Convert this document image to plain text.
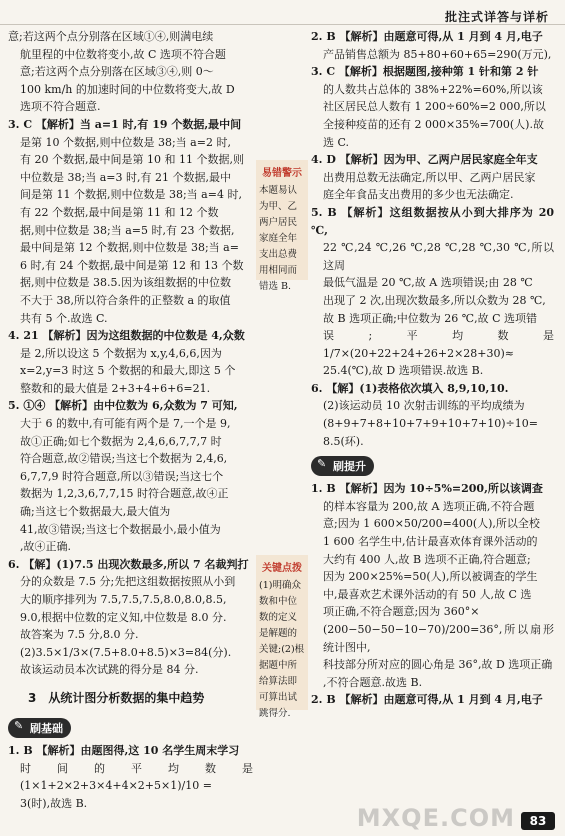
批注式详答与详析

意;若这两个点分别落在区域①④,则满电续

航里程的中位数将变小,故 C 选项不符合题

意;若这两个点分别落在区域③④,则 0～

100 km/h 的加速时间的中位数将变大,故 D

选项不符合题意.

3. C 【解析】当 a=1 时,有 19 个数据,最中间

是第 10 个数据,则中位数是 38;当 a=2 时,

有 20 个数据,最中间是第 10 和 11 个数据,则

中位数是 38;当 a=3 时,有 21 个数据,最中

间是第 11 个数据,则中位数是 38;当 a=4 时,

有 22 个数据,最中间是第 11 和 12 个数

据,则中位数是 38;当 a=5 时,有 23 个数据,

最中间是第 12 个数据,则中位数是 38;当 a=

6 时,有 24 个数据,最中间是第 12 和 13 个数

据,则中位数是 38.5.因为该组数据的中位数

不大于 38,所以符合条件的正整数 a 的取值

共有 5 个.故选 C.

4. 21 【解析】因为这组数据的中位数是 4,众数

是 2,所以设这 5 个数据为 x,y,4,6,6,因为

x=2,y=3 时这 5 个数据的和最大,即这 5 个

整数和的最大值是 2+3+4+6+6=21.

5. ①④ 【解析】由中位数为 6,众数为 7 可知,

大于 6 的数中,有可能有两个是 7,一个是 9,

故①正确;如七个数据为 2,4,6,6,7,7,7 时

符合题意,故②错误;当这七个数据为 2,4,6,

6,7,7,9 时符合题意,所以③错误;当这七个

数据为 1,2,3,6,7,7,15 时符合题意,故④正

确;当这七个数据最大,最大值为

41,故③错误;当这七个数据最小,最小值为

,故④正确.

6. 【解】(1)7.5 出现次数最多,所以 7 名裁判打

分的众数是 7.5 分;先把这组数据按照从小到

大的顺序排列为 7.5,7.5,7.5,8.0,8.0,8.5,

9.0,根据中位数的定义知,中位数是 8.0 分.

故答案为 7.5 分,8.0 分.

(2)3.5×1/3×(7.5+8.0+8.5)×3=84(分).

故该运动员本次试跳的得分是 84 分.

3　从统计图分析数据的集中趋势
✎ 刷基础

1. B 【解析】由题图得,这 10 名学生周末学习

时间的平均数是 (1×1+2×2+3×4+4×2+5×1)/10 =

3(时),故选 B.

易错警示
本题易认为甲、乙两户居民家庭全年支出总费用相同而错选 B.
关键点拨
(1)明确众数和中位数的定义是解题的关键;(2)根据题中所给算法即可算出试跳得分.

2. B 【解析】由题意可得,从 1 月到 4 月,电子

产品销售总额为 85+80+60+65=290(万元),

3. C 【解析】根据题图,接种第 1 针和第 2 针

的人数共占总体的 38%+22%=60%,所以该

社区居民总人数有 1 200÷60%=2 000,所以

全接种疫苗的还有 2 000×35%=700(人).故

选 C.

4. D 【解析】因为甲、乙两户居民家庭全年支

出费用总数无法确定,所以甲、乙两户居民家

庭全年食品支出费用的多少也无法确定.

5. B 【解析】这组数据按从小到大排序为 20 ℃,

22 ℃,24 ℃,26 ℃,28 ℃,28 ℃,30 ℃,所以这周

最低气温是 20 ℃,故 A 选项错误;由 28 ℃

出现了 2 次,出现次数最多,所以众数为 28 ℃,

故 B 选项正确;中位数为 26 ℃,故 C 选项错

误;平均数是 1/7×(20+22+24+26+2×28+30)≈

25.4(℃),故 D 选项错误.故选 B.

6. 【解】(1)表格依次填入 8,9,10,10.

(2)该运动员 10 次射击训练的平均成绩为

(8+9+7+8+10+7+9+10+7+10)÷10=

8.5(环).

✎ 刷提升

1. B 【解析】因为 10÷5%=200,所以该调查

的样本容量为 200,故 A 选项正确,不符合题

意;因为 1 600×50/200=400(人),所以全校

1 600 名学生中,估计最喜欢体育课外活动的

大约有 400 人,故 B 选项不正确,符合题意;

因为 200×25%=50(人),所以被调查的学生

中,最喜欢艺术课外活动的有 50 人,故 C 选

项正确,不符合题意;因为 360°×

(200−50−50−10−70)/200=36°,所以扇形统计图中,

科技部分所对应的圆心角是 36°,故 D 选项正确

,不符合题意.故选 B.

2. B 【解析】由题意可得,从 1 月到 4 月,电子

MXQE.COM	83
